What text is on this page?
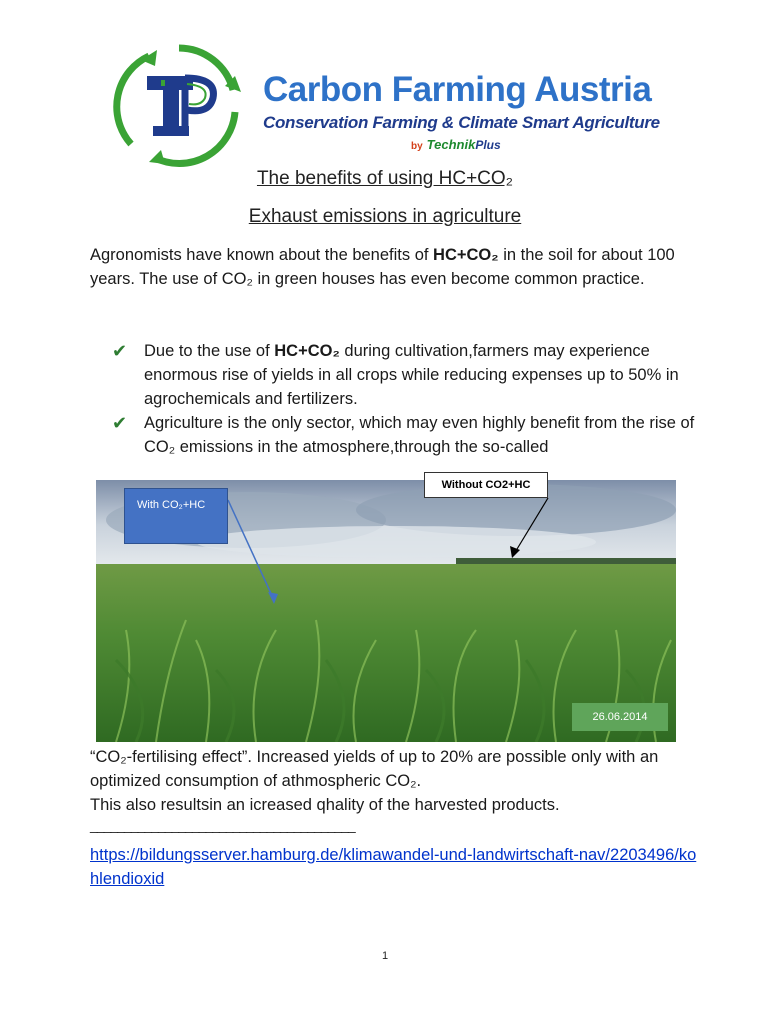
Carbon Farming Austria
Conservation Farming & Climate Smart Agriculture
by TechnikPlus
The benefits of using HC+CO₂
Exhaust emissions in agriculture
Agronomists have known about the benefits of HC+CO₂ in the soil for about 100 years. The use of CO₂ in green houses has even become common practice.
✔ Due to the use of HC+CO₂ during cultivation,farmers may experience enormous rise of yields in all crops while reducing expenses up to 50% in agrochemicals and fertilizers.
✔ Agriculture is the only sector, which may even highly benefit from the rise of CO₂ emissions in the atmosphere,through the so-called
With CO₂+HC
Without CO2+HC
26.06.2014
“CO₂-fertilising effect”. Increased yields of up to 20% are possible only with an optimized consumption of athmospheric CO₂.
This also resultsin an icreased qhality of the harvested products.
_______________________________________
https://bildungsserver.hamburg.de/klimawandel-und-landwirtschaft-nav/2203496/kohlendioxid
1
